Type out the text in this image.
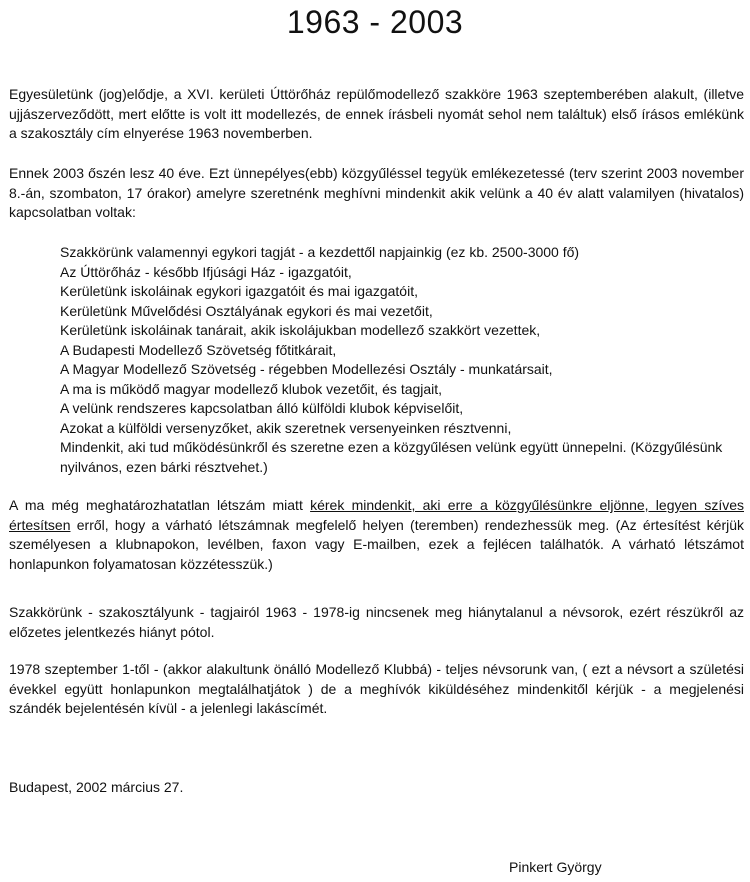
1963 - 2003

Egyesületünk (jog)elődje, a XVI. kerületi Úttörőház repülőmodellező szakköre 1963 szeptemberében alakult, (illetve ujjászerveződött, mert előtte is volt itt modellezés, de ennek írásbeli nyomát sehol nem találtuk) első írásos emlékünk a szakosztály cím elnyerése 1963 novemberben.

Ennek 2003 őszén lesz 40 éve. Ezt ünnepélyes(ebb) közgyűléssel tegyük emlékezetessé (terv szerint 2003 november 8.-án, szombaton, 17 órakor) amelyre szeretnénk meghívni mindenkit akik velünk a 40 év alatt valamilyen (hivatalos) kapcsolatban voltak:

Szakkörünk valamennyi egykori tagját - a kezdettől napjainkig (ez kb. 2500-3000 fő)
Az Úttörőház - később Ifjúsági Ház - igazgatóit,
Kerületünk iskoláinak egykori igazgatóit és mai igazgatóit,
Kerületünk Művelődési Osztályának egykori és mai vezetőit,
Kerületünk iskoláinak tanárait, akik iskolájukban modellező szakkört vezettek,
A Budapesti Modellező Szövetség főtitkárait,
A Magyar Modellező Szövetség - régebben Modellezési Osztály - munkatársait,
A ma is működő magyar modellező klubok vezetőit, és tagjait,
A velünk rendszeres kapcsolatban álló külföldi klubok képviselőit,
Azokat a külföldi versenyzőket, akik szeretnek versenyeinken résztvenni,
Mindenkit, aki tud működésünkről és szeretne ezen a közgyűlésen velünk együtt ünnepelni. (Közgyűlésünk nyilvános, ezen bárki résztvehet.)

A ma még meghatározhatatlan létszám miatt kérek mindenkit, aki erre a közgyűlésünkre eljönne, legyen szíves értesítsen erről, hogy a várható létszámnak megfelelő helyen (teremben) rendezhessük meg. (Az értesítést kérjük személyesen a klubnapokon, levélben, faxon vagy E-mailben, ezek a fejlécen találhatók. A várható létszámot honlapunkon folyamatosan közzétesszük.)

Szakkörünk - szakosztályunk - tagjairól 1963 - 1978-ig nincsenek meg hiánytalanul a névsorok, ezért részükről az előzetes jelentkezés hiányt pótol.

1978 szeptember 1-től - (akkor alakultunk önálló Modellező Klubbá) - teljes névsorunk van, ( ezt a névsort a születési évekkel együtt honlapunkon megtalálhatjátok ) de a meghívók kiküldéséhez mindenkitől kérjük - a megjelenési szándék bejelentésén kívül - a jelenlegi lakáscímét.

Budapest, 2002 március 27.
Pinkert György
